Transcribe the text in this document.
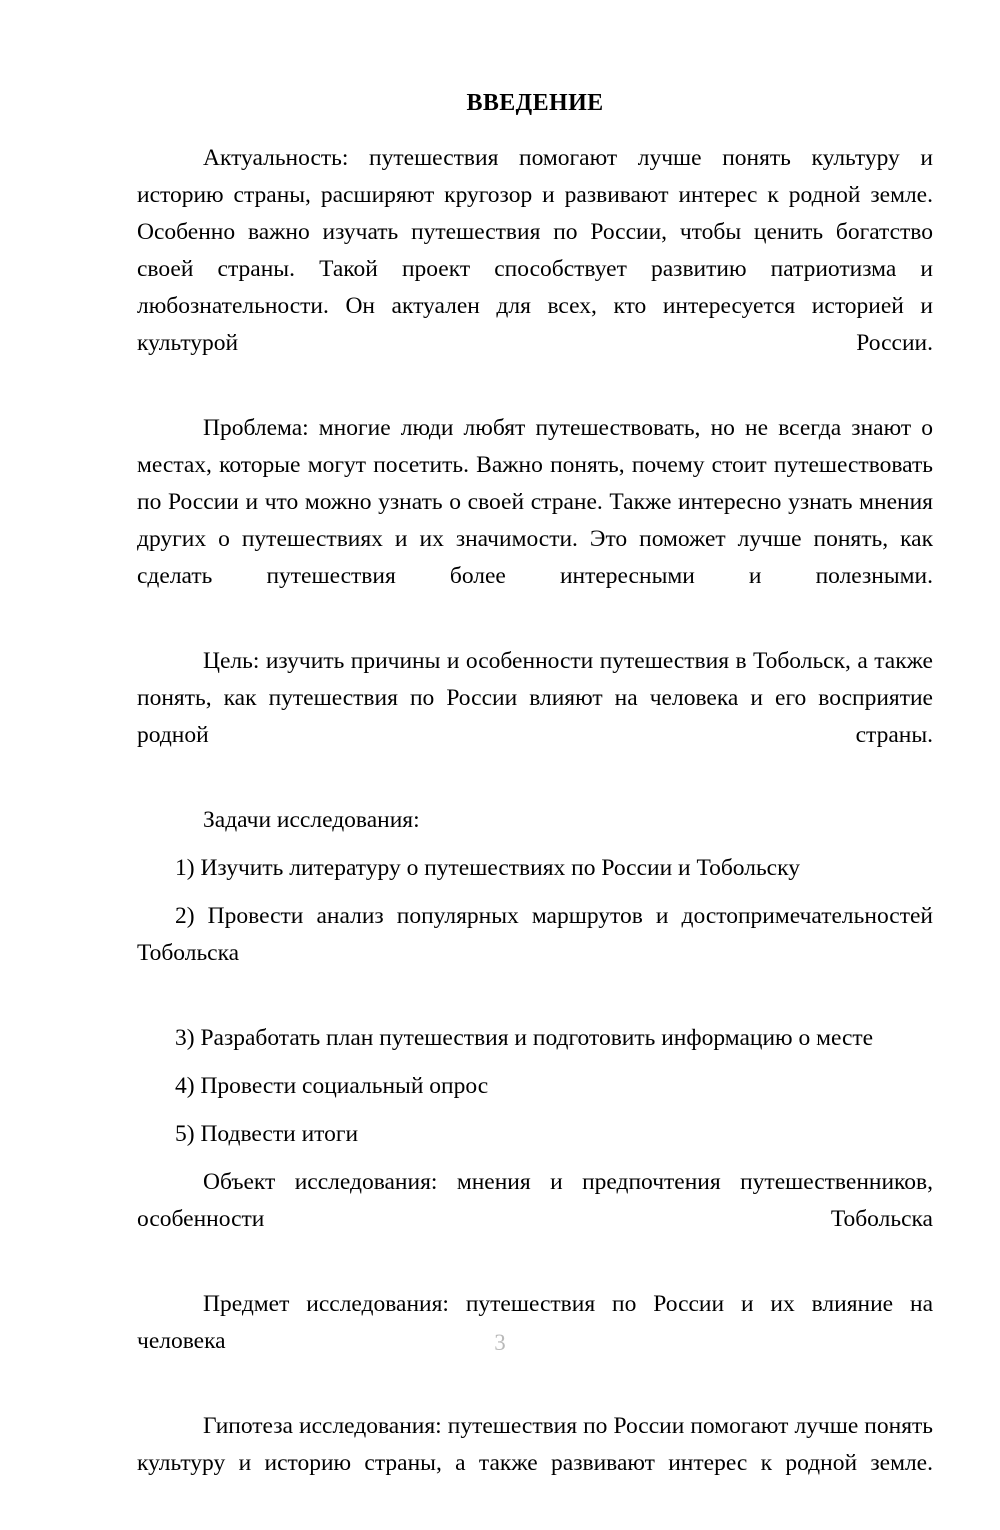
ВВЕДЕНИЕ

Актуальность: путешествия помогают лучше понять культуру и историю страны, расширяют кругозор и развивают интерес к родной земле. Особенно важно изучать путешествия по России, чтобы ценить богатство своей страны. Такой проект способствует развитию патриотизма и любознательности. Он актуален для всех, кто интересуется историей и культурой России.

Проблема: многие люди любят путешествовать, но не всегда знают о местах, которые могут посетить. Важно понять, почему стоит путешествовать по России и что можно узнать о своей стране. Также интересно узнать мнения других о путешествиях и их значимости. Это поможет лучше понять, как сделать путешествия более интересными и полезными.

Цель: изучить причины и особенности путешествия в Тобольск, а также понять, как путешествия по России влияют на человека и его восприятие родной страны.

Задачи исследования:

1) Изучить литературу о путешествиях по России и Тобольску

2) Провести анализ популярных маршрутов и достопримечательностей Тобольска

3) Разработать план путешествия и подготовить информацию о месте

4) Провести социальный опрос

5) Подвести итоги

Объект исследования: мнения и предпочтения путешественников, особенности Тобольска

Предмет исследования: путешествия по России и их влияние на человека

Гипотеза исследования: путешествия по России помогают лучше понять культуру и историю страны, а также развивают интерес к родной земле.

3
